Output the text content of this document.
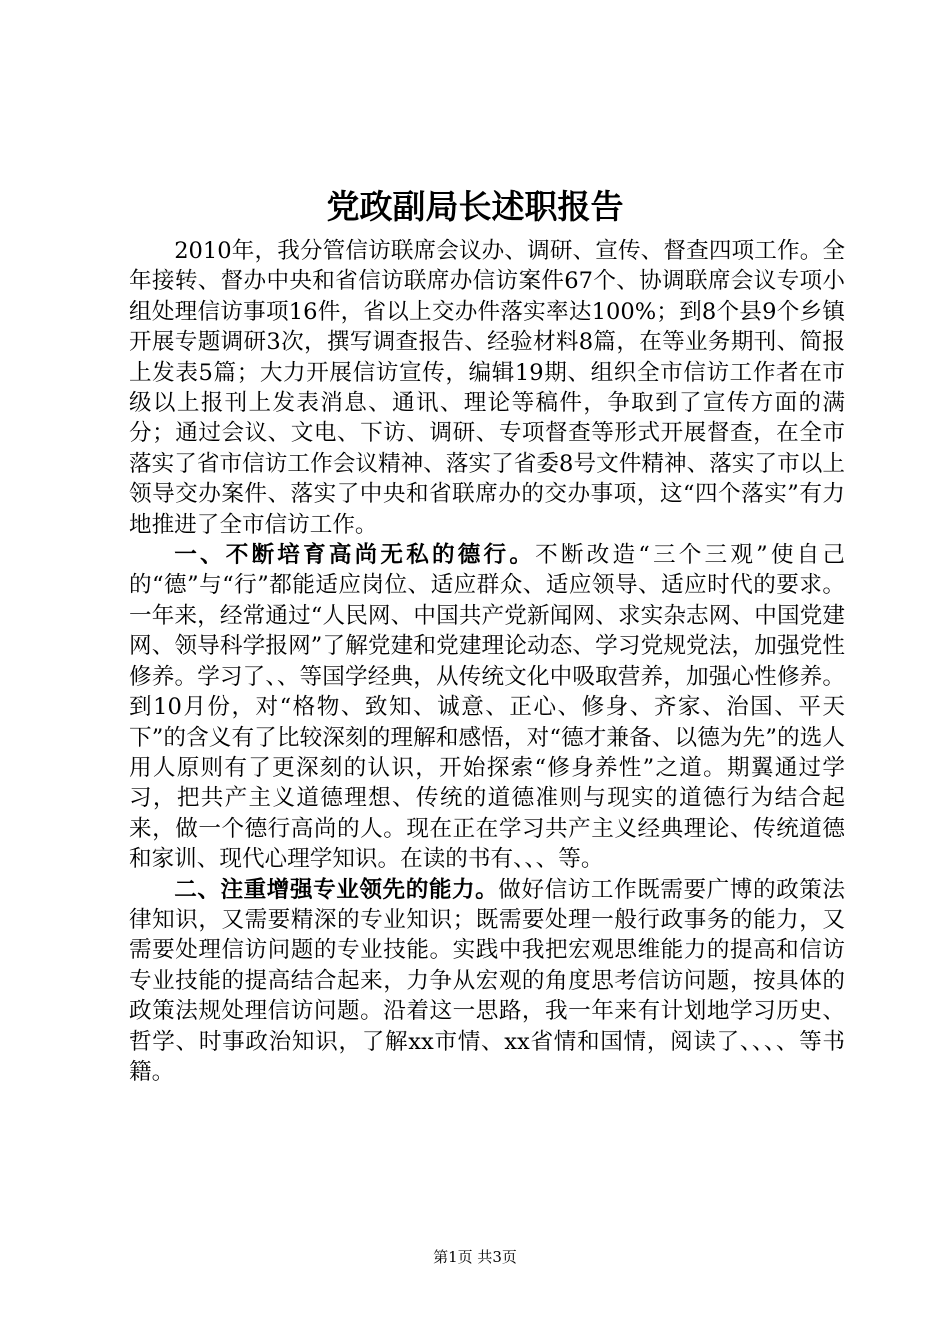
党政副局长述职报告

2010年，我分管信访联席会议办、调研、宣传、督查四项工作。全年接转、督办中央和省信访联席办信访案件67个、协调联席会议专项小组处理信访事项16件，省以上交办件落实率达100%；到8个县9个乡镇开展专题调研3次，撰写调查报告、经验材料8篇，在等业务期刊、简报上发表5篇；大力开展信访宣传，编辑19期、组织全市信访工作者在市级以上报刊上发表消息、通讯、理论等稿件，争取到了宣传方面的满分；通过会议、文电、下访、调研、专项督查等形式开展督查，在全市落实了省市信访工作会议精神、落实了省委8号文件精神、落实了市以上领导交办案件、落实了中央和省联席办的交办事项，这“四个落实”有力地推进了全市信访工作。

一、不断培育高尚无私的德行。不断改造“三个三观”使自己的“德”与“行”都能适应岗位、适应群众、适应领导、适应时代的要求。一年来，经常通过“人民网、中国共产党新闻网、求实杂志网、中国党建网、领导科学报网”了解党建和党建理论动态、学习党规党法，加强党性修养。学习了、、等国学经典，从传统文化中吸取营养，加强心性修养。到10月份，对“格物、致知、诚意、正心、修身、齐家、治国、平天下”的含义有了比较深刻的理解和感悟，对“德才兼备、以德为先”的选人用人原则有了更深刻的认识，开始探索“修身养性”之道。期翼通过学习，把共产主义道德理想、传统的道德准则与现实的道德行为结合起来，做一个德行高尚的人。现在正在学习共产主义经典理论、传统道德和家训、现代心理学知识。在读的书有、、、等。

二、注重增强专业领先的能力。做好信访工作既需要广博的政策法律知识，又需要精深的专业知识；既需要处理一般行政事务的能力，又需要处理信访问题的专业技能。实践中我把宏观思维能力的提高和信访专业技能的提高结合起来，力争从宏观的角度思考信访问题，按具体的政策法规处理信访问题。沿着这一思路，我一年来有计划地学习历史、哲学、时事政治知识，了解xx市情、xx省情和国情，阅读了、、、、等书籍。

第1页 共3页
